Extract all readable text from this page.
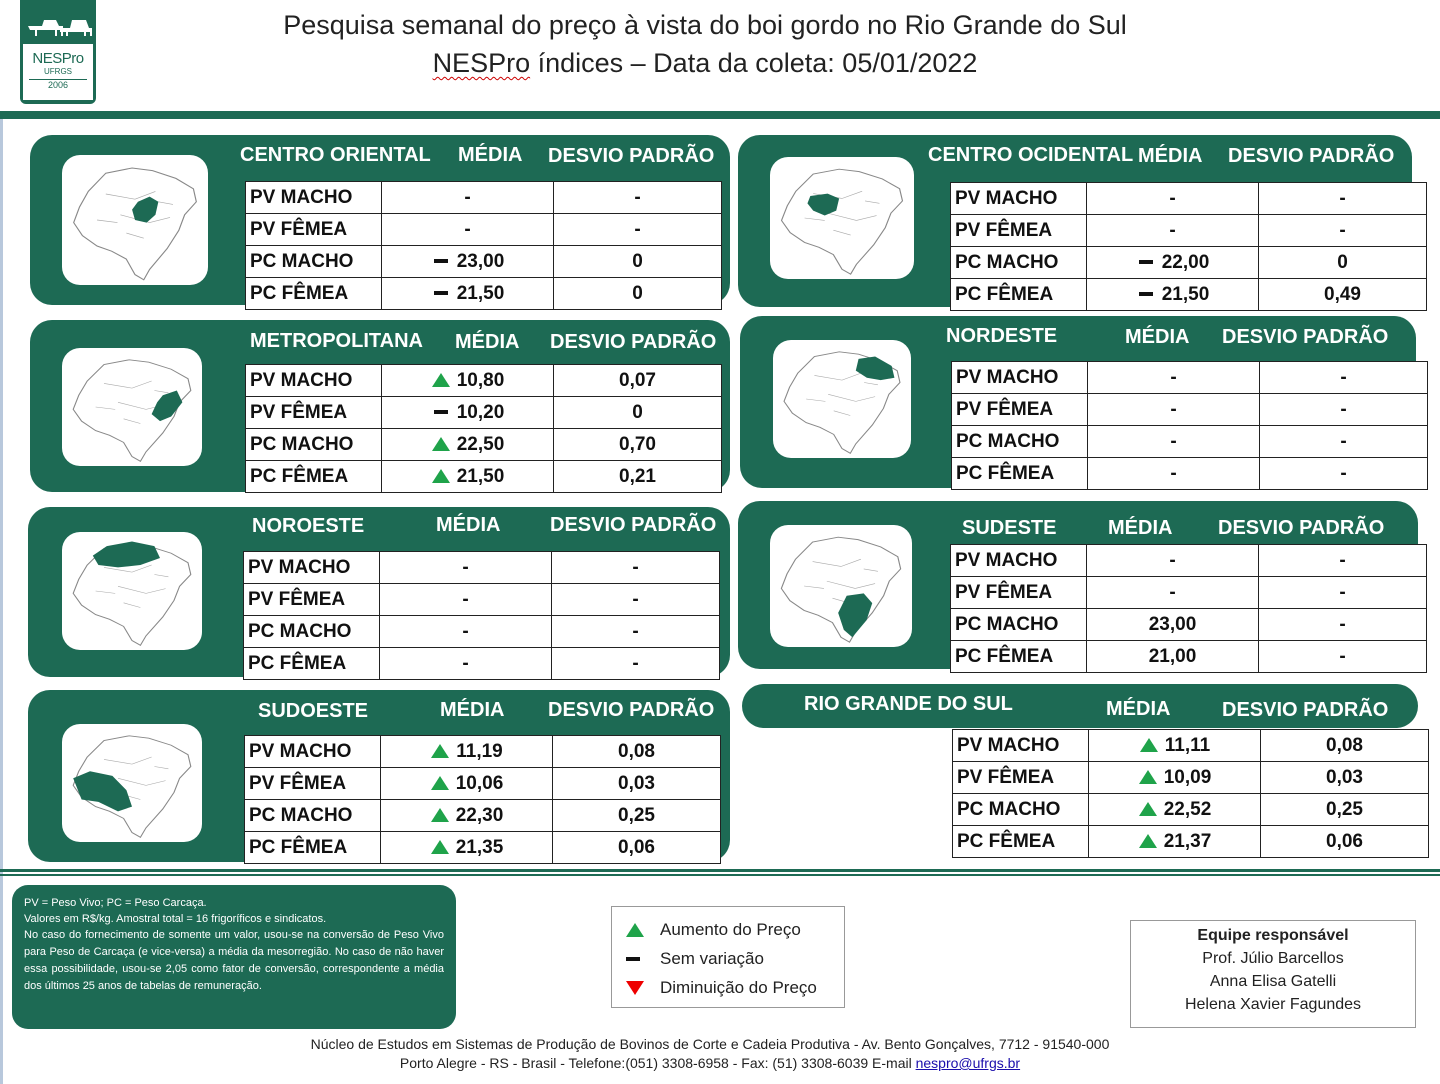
NESPro
UFRGS
2006
Pesquisa semanal do preço à vista do boi gordo no Rio Grande do Sul
NESPro índices – Data da coleta: 05/01/2022
CENTRO ORIENTAL MÉDIA DESVIO PADRÃO
PV MACHO	-	-
PV FÊMEA	-	-
PC MACHO	23,00	0
PC FÊMEA	21,50	0
CENTRO OCIDENTAL MÉDIA DESVIO PADRÃO
PV MACHO	-	-
PV FÊMEA	-	-
PC MACHO	22,00	0
PC FÊMEA	21,50	0,49
METROPOLITANA MÉDIA DESVIO PADRÃO
PV MACHO	10,80	0,07
PV FÊMEA	10,20	0
PC MACHO	22,50	0,70
PC FÊMEA	21,50	0,21
NORDESTE	MÉDIA DESVIO PADRÃO
PV MACHO	-	-
PV FÊMEA	-	-
PC MACHO	-	-
PC FÊMEA	-	-
NOROESTE	MÉDIA DESVIO PADRÃO
PV MACHO	-	-
PV FÊMEA	-	-
PC MACHO	-	-
PC FÊMEA	-	-
SUDESTE	MÉDIA DESVIO PADRÃO
PV MACHO	-	-
PV FÊMEA	-	-
PC MACHO	23,00	-
PC FÊMEA	21,00	-
SUDOESTE	MÉDIA DESVIO PADRÃO
PV MACHO	11,19	0,08
PV FÊMEA	10,06	0,03
PC MACHO	22,30	0,25
PC FÊMEA	21,35	0,06
RIO GRANDE DO SUL	MÉDIA	DESVIO PADRÃO
PV MACHO	11,11	0,08
PV FÊMEA	10,09	0,03
PC MACHO	22,52	0,25
PC FÊMEA	21,37	0,06
PV = Peso Vivo; PC = Peso Carcaça.
Valores em R$/kg. Amostral total = 16 frigoríficos e sindicatos.
No caso do fornecimento de somente um valor, usou-se na conversão de Peso Vivo para Peso de Carcaça (e vice-versa) a média da mesorregião. No caso de não haver essa possibilidade, usou-se 2,05 como fator de conversão, correspondente a média dos últimos 25 anos de tabelas de remuneração.
Aumento do Preço
Sem variação
Diminuição do Preço
Equipe responsável
Prof. Júlio Barcellos
Anna Elisa Gatelli
Helena Xavier Fagundes
Núcleo de Estudos em Sistemas de Produção de Bovinos de Corte e Cadeia Produtiva - Av. Bento Gonçalves, 7712 - 91540-000
Porto Alegre - RS - Brasil - Telefone:(051) 3308-6958 - Fax: (51) 3308-6039 E-mail nespro@ufrgs.br
